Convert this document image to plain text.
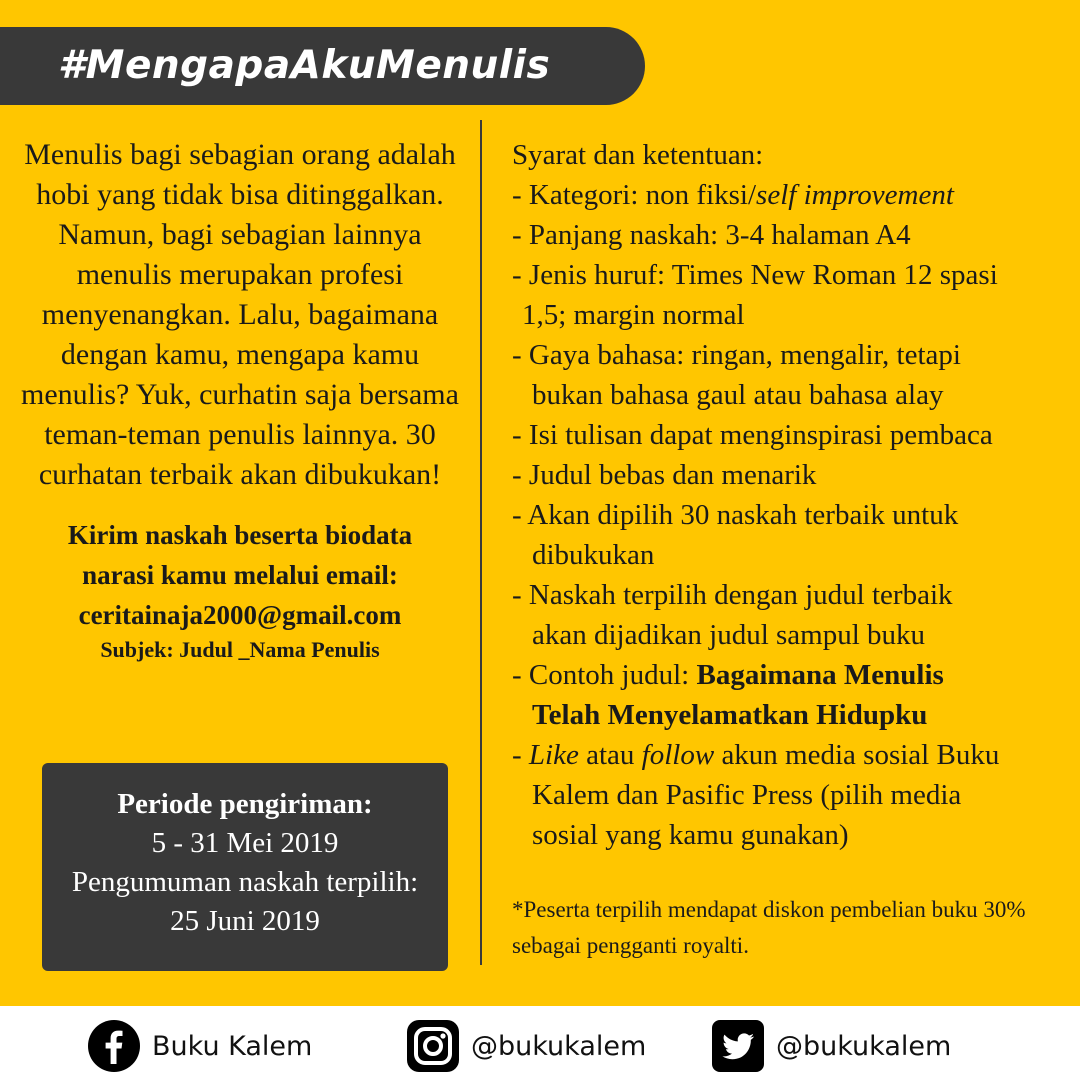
#MengapaAkuMenulis

Menulis bagi sebagian orang adalah hobi yang tidak bisa ditinggalkan. Namun, bagi sebagian lainnya menulis merupakan profesi menyenangkan. Lalu, bagaimana dengan kamu, mengapa kamu menulis? Yuk, curhatin saja bersama teman-teman penulis lainnya. 30 curhatan terbaik akan dibukukan!

Kirim naskah beserta biodata
narasi kamu melalui email:
ceritainaja2000@gmail.com
Subjek: Judul _Nama Penulis
Periode pengiriman:
5 - 31 Mei 2019
Pengumuman naskah terpilih:
25 Juni 2019
Syarat dan ketentuan:
- Kategori: non fiksi/self improvement
- Panjang naskah: 3-4 halaman A4
- Jenis huruf: Times New Roman 12 spasi
1,5; margin normal
- Gaya bahasa: ringan, mengalir, tetapi
bukan bahasa gaul atau bahasa alay
- Isi tulisan dapat menginspirasi pembaca
- Judul bebas dan menarik
- Akan dipilih 30 naskah terbaik untuk
dibukukan
- Naskah terpilih dengan judul terbaik
akan dijadikan judul sampul buku
- Contoh judul: Bagaimana Menulis
Telah Menyelamatkan Hidupku
- Like atau follow akun media sosial Buku
Kalem dan Pasific Press (pilih media
sosial yang kamu gunakan)
*Peserta terpilih mendapat diskon pembelian buku 30% sebagai pengganti royalti.
Buku Kalem	@bukukalem	@bukukalem
